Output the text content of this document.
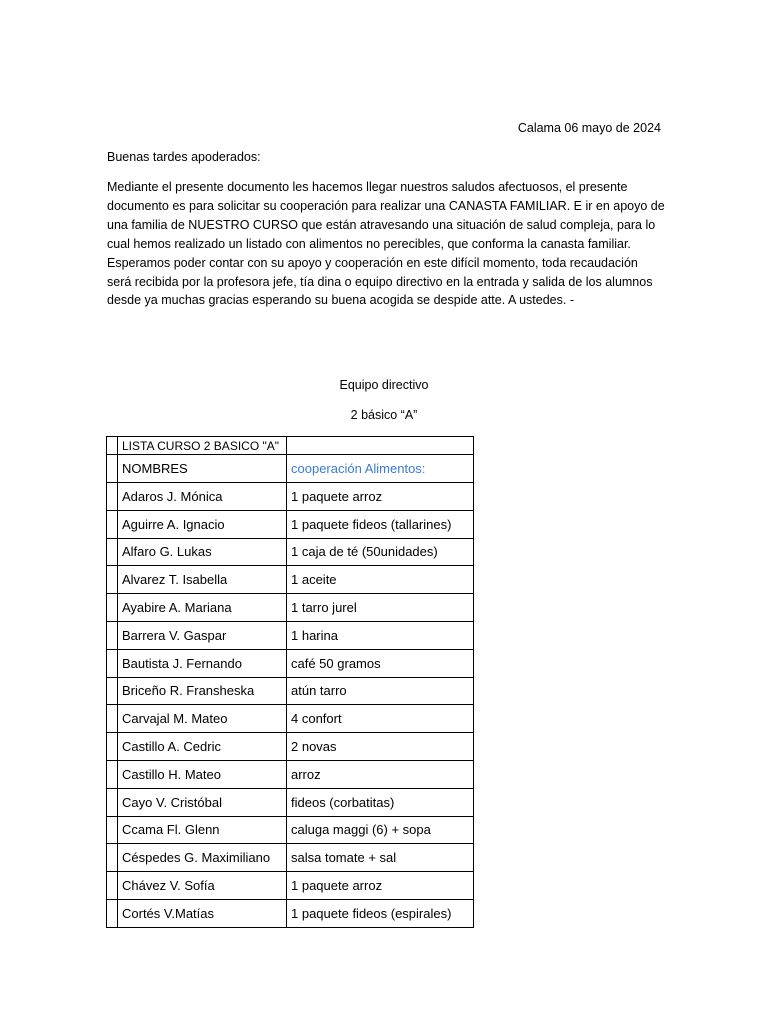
Calama 06 mayo de 2024
Buenas tardes apoderados:
Mediante el presente documento les hacemos llegar nuestros saludos afectuosos, el presente
documento es para solicitar su cooperación para realizar una CANASTA FAMILIAR. E ir en apoyo de
una familia de NUESTRO CURSO que están atravesando una situación de salud compleja, para lo
cual hemos realizado un listado con alimentos no perecibles, que conforma la canasta familiar.
Esperamos poder contar con su apoyo y cooperación en este difícil momento, toda recaudación
será recibida por la profesora jefe, tía dina o equipo directivo en la entrada y salida de los alumnos
desde ya muchas gracias esperando su buena acogida se despide atte. A ustedes. -
Equipo directivo
2 básico “A”
	LISTA CURSO 2 BASICO "A"	
	NOMBRES	cooperación Alimentos:
	Adaros J. Mónica	1 paquete arroz
	Aguirre A. Ignacio	1 paquete fideos (tallarines)
	Alfaro G. Lukas	1 caja de té (50unidades)
	Alvarez T. Isabella	1 aceite
	Ayabire A. Mariana	1 tarro jurel
	Barrera V. Gaspar	1 harina
	Bautista J. Fernando	café 50 gramos
	Briceño R. Fransheska	atún tarro
	Carvajal M. Mateo	4 confort
	Castillo A. Cedric	2 novas
	Castillo H. Mateo	arroz
	Cayo V. Cristóbal	fideos (corbatitas)
	Ccama Fl. Glenn	caluga maggi (6) + sopa
	Céspedes G. Maximiliano	salsa tomate + sal
	Chávez V. Sofía	1 paquete arroz
	Cortés V.Matías	1 paquete fideos (espirales)
